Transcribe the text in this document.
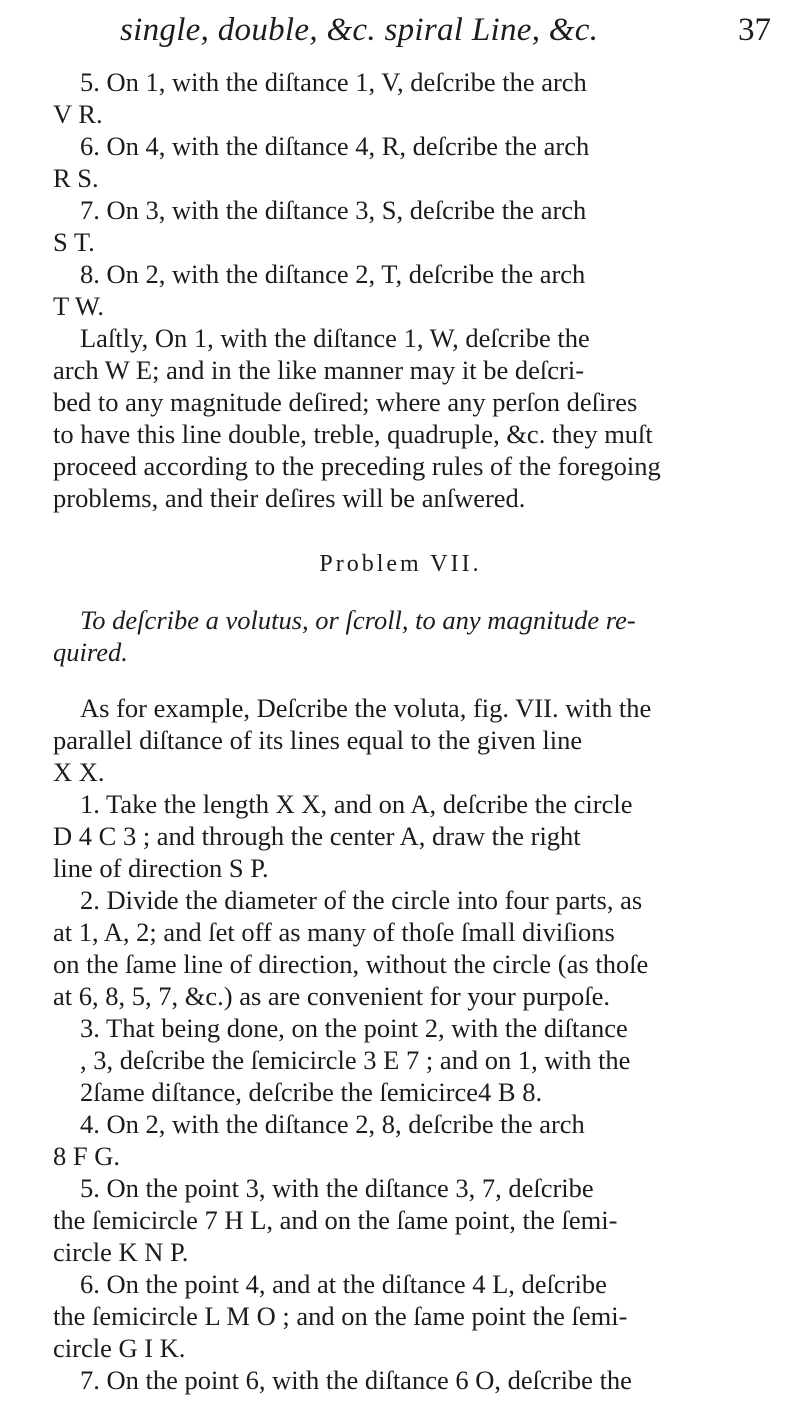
single, double, &c. spiral Line, &c.	37
5. On 1, with the diſtance 1, V, deſcribe the arch
V R.
6. On 4, with the diſtance 4, R, deſcribe the arch
R S.
7. On 3, with the diſtance 3, S, deſcribe the arch
S T.
8. On 2, with the diſtance 2, T, deſcribe the arch
T W.
Laſtly, On 1, with the diſtance 1, W, deſcribe the
arch W E; and in the like manner may it be deſcri-
bed to any magnitude deſired; where any perſon deſires
to have this line double, treble, quadruple, &c. they muſt
proceed according to the preceding rules of the foregoing
problems, and their deſires will be anſwered.
Problem VII.
To deſcribe a volutus, or ſcroll, to any magnitude re-
quired.
As for example, Deſcribe the voluta, fig. VII. with the
parallel diſtance of its lines equal to the given line
X X.
1. Take the length X X, and on A, deſcribe the circle
D 4 C 3 ; and through the center A, draw the right
line of direction S P.
2. Divide the diameter of the circle into four parts, as
at 1, A, 2; and ſet off as many of thoſe ſmall diviſions
on the ſame line of direction, without the circle (as thoſe
at 6, 8, 5, 7, &c.) as are convenient for your purpoſe.
3. That being done, on the point 2, with the diſtance
, 3, deſcribe the ſemicircle 3 E 7 ; and on 1, with the
2ſame diſtance, deſcribe the ſemicirce4 B 8.
4. On 2, with the diſtance 2, 8, deſcribe the arch
8 F G.
5. On the point 3, with the diſtance 3, 7, deſcribe
the ſemicircle 7 H L, and on the ſame point, the ſemi-
circle K N P.
6. On the point 4, and at the diſtance 4 L, deſcribe
the ſemicircle L M O ; and on the ſame point the ſemi-
circle G I K.
7. On the point 6, with the diſtance 6 O, deſcribe the
